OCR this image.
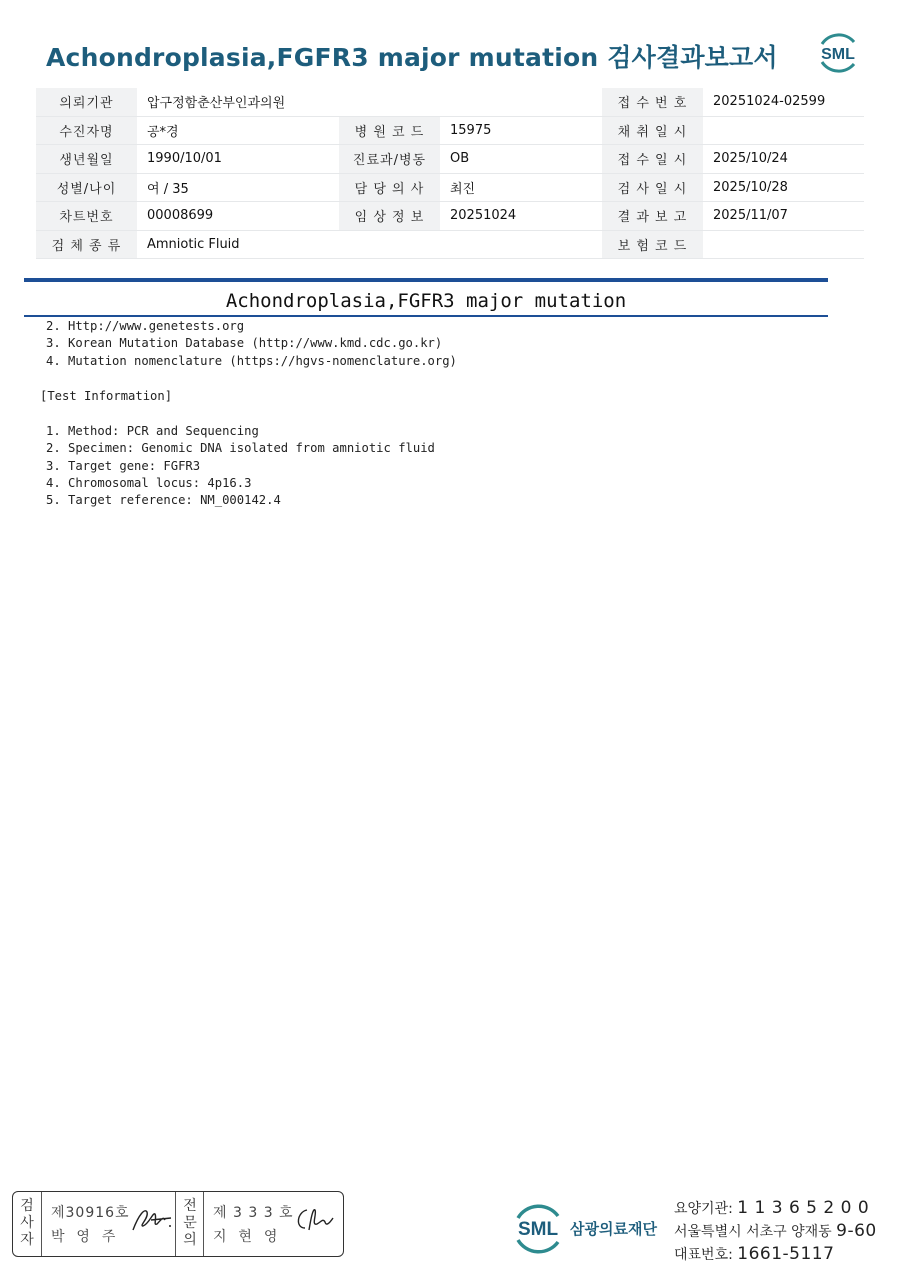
Achondroplasia,FGFR3 major mutation 검사결과보고서	SML
의뢰기관	압구정함춘산부인과의원			접 수 번 호	20251024-02599
수진자명	공*경	병 원 코 드	15975	채 취 일 시	
생년월일	1990/10/01	진료과/병동	OB	접 수 일 시	2025/10/24
성별/나이	여 / 35	담 당 의 사	최진	검 사 일 시	2025/10/28
차트번호	00008699	임 상 정 보	20251024	결 과 보 고	2025/11/07
검 체 종 류	Amniotic Fluid			보 험 코 드	
Achondroplasia,FGFR3 major mutation
2. Http://www.genetests.org
3. Korean Mutation Database (http://www.kmd.cdc.go.kr)
4. Mutation nomenclature (https://hgvs-nomenclature.org)
[Test Information]
1. Method: PCR and Sequencing
2. Specimen: Genomic DNA isolated from amniotic fluid
3. Target gene: FGFR3
4. Chromosomal locus: 4p16.3
5. Target reference: NM_000142.4
검사자
제30916호
박  영  주
전문의
제 3 3 3 호
지  현  영	SML 삼광의료재단
요양기관: 1 1 3 6 5 2 0 0
서울특별시 서초구 양재동 9-60
대표번호: 1661-5117
